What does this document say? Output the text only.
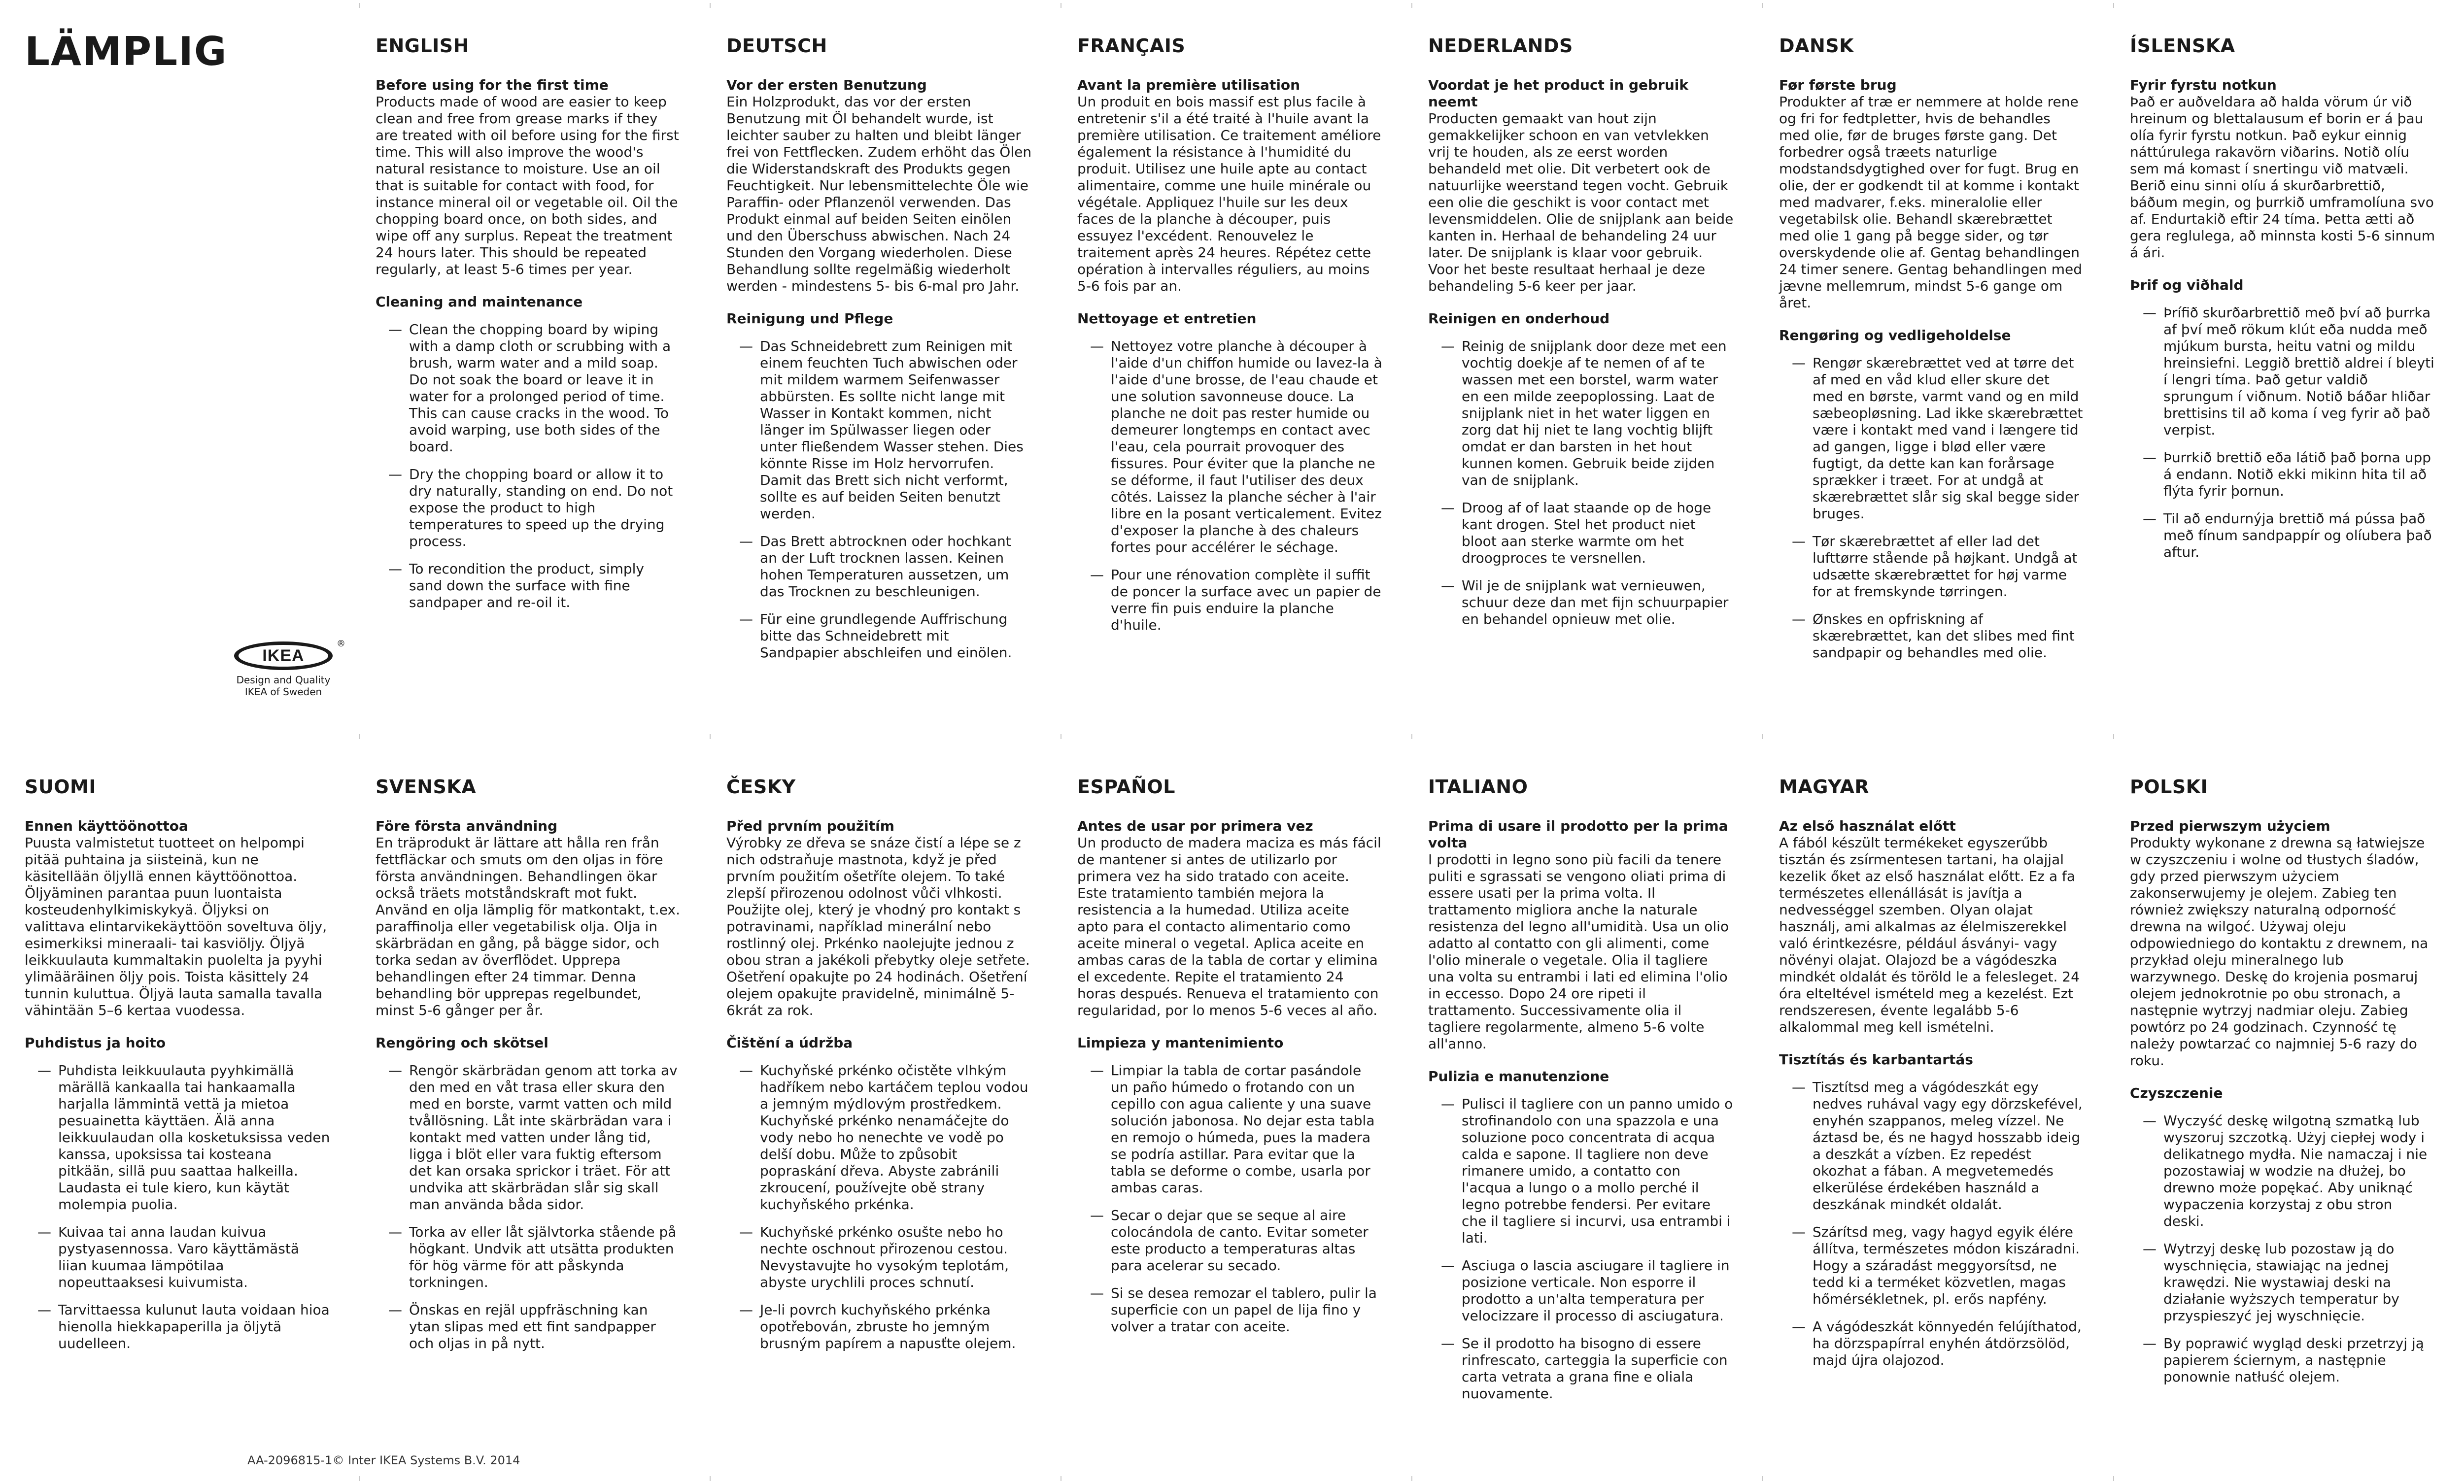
LÄMPLIG	ENGLISH
Before using for the first time
Products made of wood are easier to keep clean and free from grease marks if they are treated with oil before using for the first time. This will also improve the wood's natural resistance to moisture. Use an oil that is suitable for contact with food, for instance mineral oil or vegetable oil. Oil the chopping board once, on both sides, and wipe off any surplus. Repeat the treatment 24 hours later. This should be repeated regularly, at least 5-6 times per year.
Cleaning and maintenance
— Clean the chopping board by wiping with a damp cloth or scrubbing with a brush, warm water and a mild soap. Do not soak the board or leave it in water for a prolonged period of time. This can cause cracks in the wood. To avoid warping, use both sides of the board.
— Dry the chopping board or allow it to dry naturally, standing on end. Do not expose the product to high temperatures to speed up the drying process.
— To recondition the product, simply sand down the surface with fine sandpaper and re-oil it.
DEUTSCH
Vor der ersten Benutzung
Ein Holzprodukt, das vor der ersten Benutzung mit Öl behandelt wurde, ist leichter sauber zu halten und bleibt länger frei von Fettflecken. Zudem erhöht das Ölen die Widerstandskraft des Produkts gegen Feuchtigkeit. Nur lebensmittelechte Öle wie Paraffin- oder Pflanzenöl verwenden. Das Produkt einmal auf beiden Seiten einölen und den Überschuss abwischen. Nach 24 Stunden den Vorgang wiederholen. Diese Behandlung sollte regelmäßig wiederholt werden - mindestens 5- bis 6-mal pro Jahr.
Reinigung und Pflege
— Das Schneidebrett zum Reinigen mit einem feuchten Tuch abwischen oder mit mildem warmem Seifenwasser abbürsten. Es sollte nicht lange mit Wasser in Kontakt kommen, nicht länger im Spülwasser liegen oder unter fließendem Wasser stehen. Dies könnte Risse im Holz hervorrufen. Damit das Brett sich nicht verformt, sollte es auf beiden Seiten benutzt werden.
— Das Brett abtrocknen oder hochkant an der Luft trocknen lassen. Keinen hohen Temperaturen aussetzen, um das Trocknen zu beschleunigen.
— Für eine grundlegende Auffrischung bitte das Schneidebrett mit Sandpapier abschleifen und einölen.
FRANÇAIS
Avant la première utilisation
Un produit en bois massif est plus facile à entretenir s'il a été traité à l'huile avant la première utilisation. Ce traitement améliore également la résistance à l'humidité du produit. Utilisez une huile apte au contact alimentaire, comme une huile minérale ou végétale. Appliquez l'huile sur les deux faces de la planche à découper, puis essuyez l'excédent. Renouvelez le traitement après 24 heures. Répétez cette opération à intervalles réguliers, au moins 5-6 fois par an.
Nettoyage et entretien
— Nettoyez votre planche à découper à l'aide d'un chiffon humide ou lavez-la à l'aide d'une brosse, de l'eau chaude et une solution savonneuse douce. La planche ne doit pas rester humide ou demeurer longtemps en contact avec l'eau, cela pourrait provoquer des fissures. Pour éviter que la planche ne se déforme, il faut l'utiliser des deux côtés. Laissez la planche sécher à l'air libre en la posant verticalement. Evitez d'exposer la planche à des chaleurs fortes pour accélérer le séchage.
— Pour une rénovation complète il suffit de poncer la surface avec un papier de verre fin puis enduire la planche d'huile.
NEDERLANDS
Voordat je het product in gebruik neemt
Producten gemaakt van hout zijn gemakkelijker schoon en van vetvlekken vrij te houden, als ze eerst worden behandeld met olie. Dit verbetert ook de natuurlijke weerstand tegen vocht. Gebruik een olie die geschikt is voor contact met levensmiddelen. Olie de snijplank aan beide kanten in. Herhaal de behandeling 24 uur later. De snijplank is klaar voor gebruik. Voor het beste resultaat herhaal je deze behandeling 5-6 keer per jaar.
Reinigen en onderhoud
— Reinig de snijplank door deze met een vochtig doekje af te nemen of af te wassen met een borstel, warm water en een milde zeepoplossing. Laat de snijplank niet in het water liggen en zorg dat hij niet te lang vochtig blijft omdat er dan barsten in het hout kunnen komen. Gebruik beide zijden van de snijplank.
— Droog af of laat staande op de hoge kant drogen. Stel het product niet bloot aan sterke warmte om het droogproces te versnellen.
— Wil je de snijplank wat vernieuwen, schuur deze dan met fijn schuurpapier en behandel opnieuw met olie.
DANSK
Før første brug
Produkter af træ er nemmere at holde rene og fri for fedtpletter, hvis de behandles med olie, før de bruges første gang. Det forbedrer også træets naturlige modstandsdygtighed over for fugt. Brug en olie, der er godkendt til at komme i kontakt med madvarer, f.eks. mineralolie eller vegetabilsk olie. Behandl skærebrættet med olie 1 gang på begge sider, og tør overskydende olie af. Gentag behandlingen 24 timer senere. Gentag behandlingen med jævne mellemrum, mindst 5-6 gange om året.
Rengøring og vedligeholdelse
— Rengør skærebrættet ved at tørre det af med en våd klud eller skure det med en børste, varmt vand og en mild sæbeopløsning. Lad ikke skærebrættet være i kontakt med vand i længere tid ad gangen, ligge i blød eller være fugtigt, da dette kan kan forårsage sprækker i træet. For at undgå at skærebrættet slår sig skal begge sider bruges.
— Tør skærebrættet af eller lad det lufttørre stående på højkant. Undgå at udsætte skærebrættet for høj varme for at fremskynde tørringen.
— Ønskes en opfriskning af skærebrættet, kan det slibes med fint sandpapir og behandles med olie.
ÍSLENSKA
Fyrir fyrstu notkun
Það er auðveldara að halda vörum úr við hreinum og blettalausum ef borin er á þau olía fyrir fyrstu notkun. Það eykur einnig náttúrulega rakavörn viðarins. Notið olíu sem má komast í snertingu við matvæli. Berið einu sinni olíu á skurðarbrettið, báðum megin, og þurrkið umframolíuna svo af. Endurtakið eftir 24 tíma. Þetta ætti að gera reglulega, að minnsta kosti 5-6 sinnum á ári.
Þrif og viðhald
— Þrífið skurðarbrettið með því að þurrka af því með rökum klút eða nudda með mjúkum bursta, heitu vatni og mildu hreinsiefni. Leggið brettið aldrei í bleyti í lengri tíma. Það getur valdið sprungum í viðnum. Notið báðar hliðar brettisins til að koma í veg fyrir að það verpist.
— Þurrkið brettið eða látið það þorna upp á endann. Notið ekki mikinn hita til að flýta fyrir þornun.
— Til að endurnýja brettið má pússa það með fínum sandpappír og olíubera það aftur.
IKEA
®
Design and Quality
IKEA of Sweden
SUOMI
Ennen käyttöönottoa
Puusta valmistetut tuotteet on helpompi pitää puhtaina ja siisteinä, kun ne käsitellään öljyllä ennen käyttöönottoa. Öljyäminen parantaa puun luontaista kosteudenhylkimiskykyä. Öljyksi on valittava elintarvikekäyttöön soveltuva öljy, esimerkiksi mineraali- tai kasviöljy. Öljyä leikkuulauta kummaltakin puolelta ja pyyhi ylimääräinen öljy pois. Toista käsittely 24 tunnin kuluttua. Öljyä lauta samalla tavalla vähintään 5–6 kertaa vuodessa.
Puhdistus ja hoito
— Puhdista leikkuulauta pyyhkimällä märällä kankaalla tai hankaamalla harjalla lämmintä vettä ja mietoa pesuainetta käyttäen. Älä anna leikkuulaudan olla kosketuksissa veden kanssa, upoksissa tai kosteana pitkään, sillä puu saattaa halkeilla. Laudasta ei tule kiero, kun käytät molempia puolia.
— Kuivaa tai anna laudan kuivua pystyasennossa. Varo käyttämästä liian kuumaa lämpötilaa nopeuttaaksesi kuivumista.
— Tarvittaessa kulunut lauta voidaan hioa hienolla hiekkapaperilla ja öljytä uudelleen.
SVENSKA
Före första användning
En träprodukt är lättare att hålla ren från fettfläckar och smuts om den oljas in före första användningen. Behandlingen ökar också träets motståndskraft mot fukt. Använd en olja lämplig för matkontakt, t.ex. paraffinolja eller vegetabilisk olja. Olja in skärbrädan en gång, på bägge sidor, och torka sedan av överflödet. Upprepa behandlingen efter 24 timmar. Denna behandling bör upprepas regelbundet, minst 5-6 gånger per år.
Rengöring och skötsel
— Rengör skärbrädan genom att torka av den med en våt trasa eller skura den med en borste, varmt vatten och mild tvållösning. Låt inte skärbrädan vara i kontakt med vatten under lång tid, ligga i blöt eller vara fuktig eftersom det kan orsaka sprickor i träet. För att undvika att skärbrädan slår sig skall man använda båda sidor.
— Torka av eller låt självtorka stående på högkant. Undvik att utsätta produkten för hög värme för att påskynda torkningen.
— Önskas en rejäl uppfräschning kan ytan slipas med ett fint sandpapper och oljas in på nytt.
ČESKY
Před prvním použitím
Výrobky ze dřeva se snáze čistí a lépe se z nich odstraňuje mastnota, když je před prvním použitím ošetříte olejem. To také zlepší přirozenou odolnost vůči vlhkosti. Použijte olej, který je vhodný pro kontakt s potravinami, například minerální nebo rostlinný olej. Prkénko naolejujte jednou z obou stran a jakékoli přebytky oleje setřete. Ošetření opakujte po 24 hodinách. Ošetření olejem opakujte pravidelně, minimálně 5-6krát za rok.
Čištění a údržba
— Kuchyňské prkénko očistěte vlhkým hadříkem nebo kartáčem teplou vodou a jemným mýdlovým prostředkem. Kuchyňské prkénko nenamáčejte do vody nebo ho nenechte ve vodě po delší dobu. Může to způsobit popraskání dřeva. Abyste zabránili zkroucení, používejte obě strany kuchyňského prkénka.
— Kuchyňské prkénko osušte nebo ho nechte oschnout přirozenou cestou. Nevystavujte ho vysokým teplotám, abyste urychlili proces schnutí.
— Je-li povrch kuchyňského prkénka opotřebován, zbruste ho jemným brusným papírem a napusťte olejem.
ESPAÑOL
Antes de usar por primera vez
Un producto de madera maciza es más fácil de mantener si antes de utilizarlo por primera vez ha sido tratado con aceite. Este tratamiento también mejora la resistencia a la humedad. Utiliza aceite apto para el contacto alimentario como aceite mineral o vegetal. Aplica aceite en ambas caras de la tabla de cortar y elimina el excedente. Repite el tratamiento 24 horas después. Renueva el tratamiento con regularidad, por lo menos 5-6 veces al año.
Limpieza y mantenimiento
— Limpiar la tabla de cortar pasándole un paño húmedo o frotando con un cepillo con agua caliente y una suave solución jabonosa. No dejar esta tabla en remojo o húmeda, pues la madera se podría astillar. Para evitar que la tabla se deforme o combe, usarla por ambas caras.
— Secar o dejar que se seque al aire colocándola de canto. Evitar someter este producto a temperaturas altas para acelerar su secado.
— Si se desea remozar el tablero, pulir la superficie con un papel de lija fino y volver a tratar con aceite.
ITALIANO
Prima di usare il prodotto per la prima volta
I prodotti in legno sono più facili da tenere puliti e sgrassati se vengono oliati prima di essere usati per la prima volta. Il trattamento migliora anche la naturale resistenza del legno all'umidità. Usa un olio adatto al contatto con gli alimenti, come l'olio minerale o vegetale. Olia il tagliere una volta su entrambi i lati ed elimina l'olio in eccesso. Dopo 24 ore ripeti il trattamento. Successivamente olia il tagliere regolarmente, almeno 5-6 volte all'anno.
Pulizia e manutenzione
— Pulisci il tagliere con un panno umido o strofinandolo con una spazzola e una soluzione poco concentrata di acqua calda e sapone. Il tagliere non deve rimanere umido, a contatto con l'acqua a lungo o a mollo perché il legno potrebbe fendersi. Per evitare che il tagliere si incurvi, usa entrambi i lati.
— Asciuga o lascia asciugare il tagliere in posizione verticale. Non esporre il prodotto a un'alta temperatura per velocizzare il processo di asciugatura.
— Se il prodotto ha bisogno di essere rinfrescato, carteggia la superficie con carta vetrata a grana fine e oliala nuovamente.
MAGYAR
Az első használat előtt
A fából készült termékeket egyszerűbb tisztán és zsírmentesen tartani, ha olajjal kezelik őket az első használat előtt. Ez a fa természetes ellenállását is javítja a nedvességgel szemben. Olyan olajat használj, ami alkalmas az élelmiszerekkel való érintkezésre, például ásványi- vagy növényi olajat. Olajozd be a vágódeszka mindkét oldalát és töröld le a felesleget. 24 óra elteltével ismételd meg a kezelést. Ezt rendszeresen, évente legalább 5-6 alkalommal meg kell ismételni.
Tisztítás és karbantartás
— Tisztítsd meg a vágódeszkát egy nedves ruhával vagy egy dörzskefével, enyhén szappanos, meleg vízzel. Ne áztasd be, és ne hagyd hosszabb ideig a deszkát a vízben. Ez repedést okozhat a fában. A megvetemedés elkerülése érdekében használd a deszkának mindkét oldalát.
— Szárítsd meg, vagy hagyd egyik élére állítva, természetes módon kiszáradni. Hogy a száradást meggyorsítsd, ne tedd ki a terméket közvetlen, magas hőmérsékletnek, pl. erős napfény.
— A vágódeszkát könnyedén felújíthatod, ha dörzspapírral enyhén átdörzsölöd, majd újra olajozod.
POLSKI
Przed pierwszym użyciem
Produkty wykonane z drewna są łatwiejsze w czyszczeniu i wolne od tłustych śladów, gdy przed pierwszym użyciem zakonserwujemy je olejem. Zabieg ten również zwiększy naturalną odporność drewna na wilgoć. Używaj oleju odpowiedniego do kontaktu z drewnem, na przykład oleju mineralnego lub warzywnego. Deskę do krojenia posmaruj olejem jednokrotnie po obu stronach, a następnie wytrzyj nadmiar oleju. Zabieg powtórz po 24 godzinach. Czynność tę należy powtarzać co najmniej 5-6 razy do roku.
Czyszczenie
— Wyczyść deskę wilgotną szmatką lub wyszoruj szczotką. Użyj ciepłej wody i delikatnego mydła. Nie namaczaj i nie pozostawiaj w wodzie na dłużej, bo drewno może popękać. Aby uniknąć wypaczenia korzystaj z obu stron deski.
— Wytrzyj deskę lub pozostaw ją do wyschnięcia, stawiając na jednej krawędzi. Nie wystawiaj deski na działanie wyższych temperatur by przyspieszyć jej wyschnięcie.
— By poprawić wygląd deski przetrzyj ją papierem ściernym, a następnie ponownie natłuść olejem.
AA-2096815-1© Inter IKEA Systems B.V. 2014
